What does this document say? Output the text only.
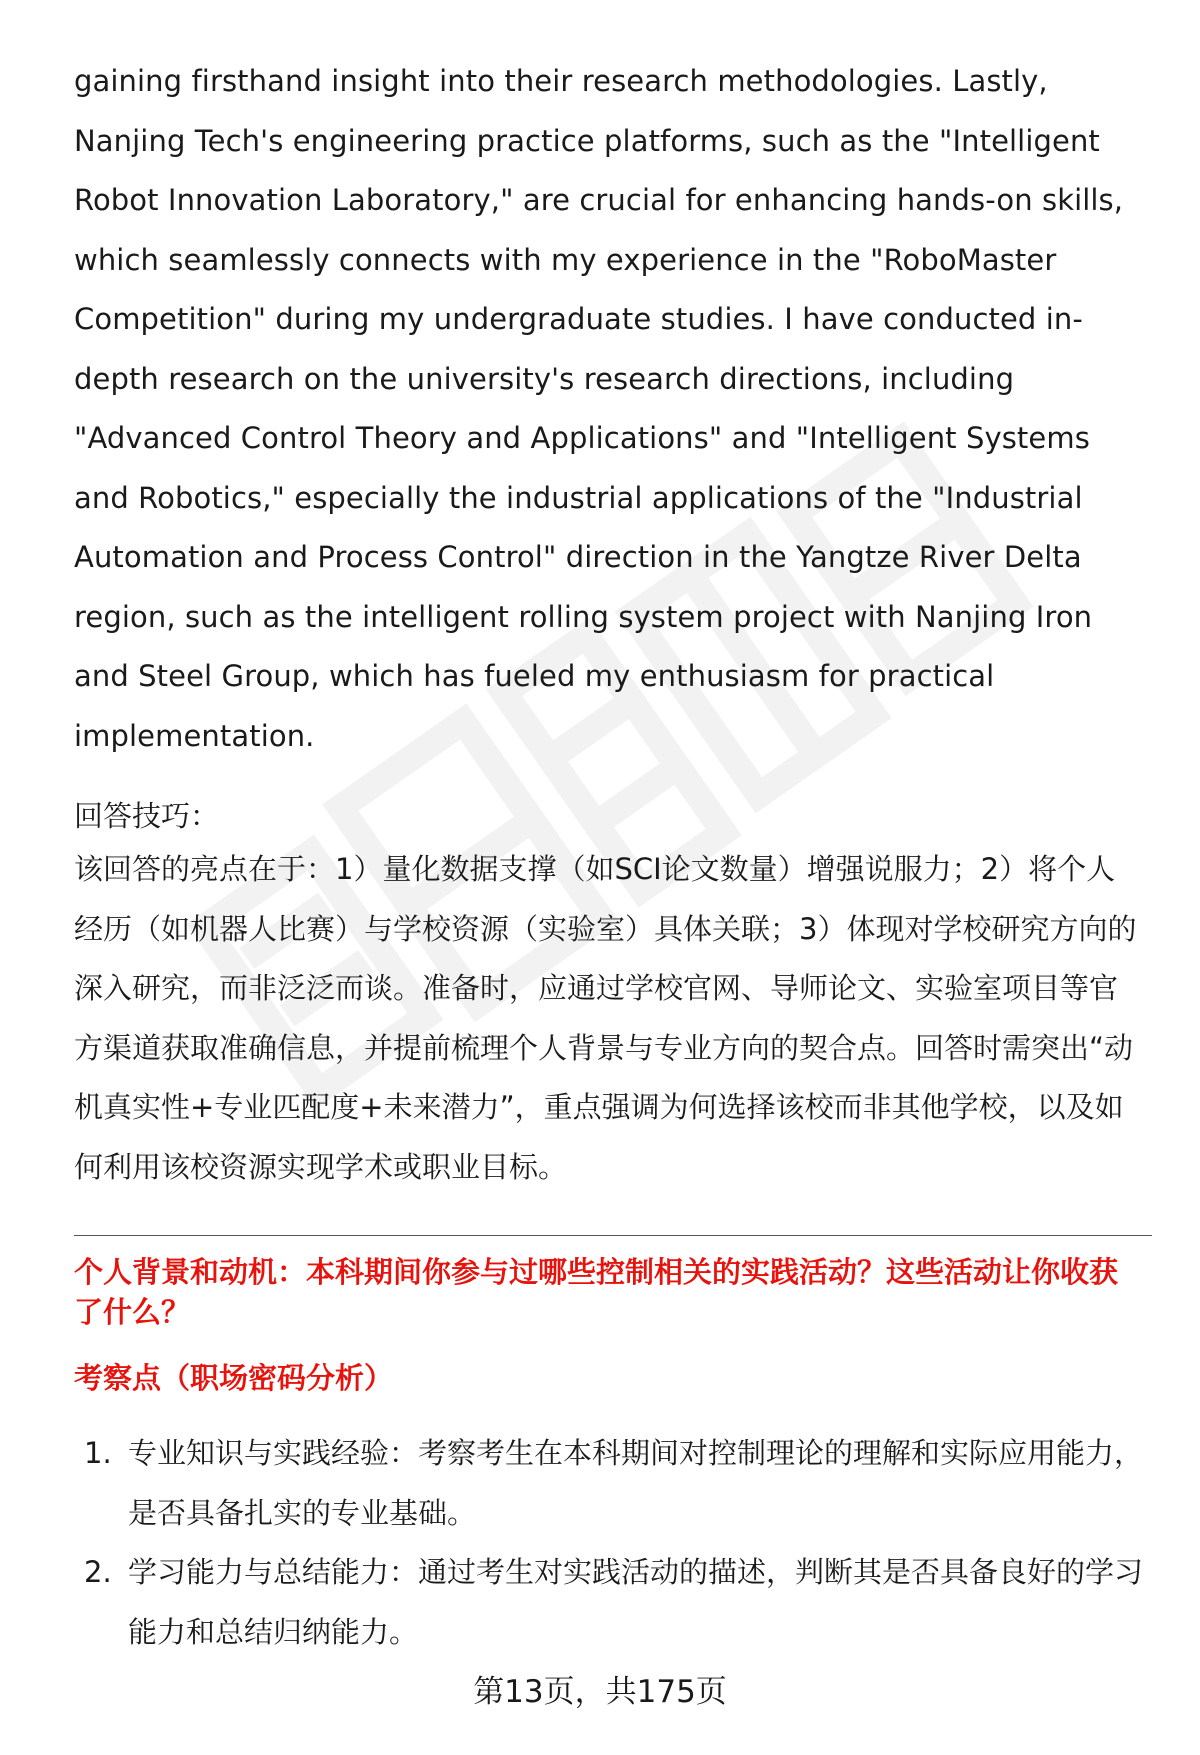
gaining firsthand insight into their research methodologies. Lastly, Nanjing Tech's engineering practice platforms, such as the "Intelligent Robot Innovation Laboratory," are crucial for enhancing hands-on skills, which seamlessly connects with my experience in the "RoboMaster Competition" during my undergraduate studies. I have conducted in-depth research on the university's research directions, including "Advanced Control Theory and Applications" and "Intelligent Systems and Robotics," especially the industrial applications of the "Industrial Automation and Process Control" direction in the Yangtze River Delta region, such as the intelligent rolling system project with Nanjing Iron and Steel Group, which has fueled my enthusiasm for practical implementation.

回答技巧：

该回答的亮点在于：1）量化数据支撑（如SCI论文数量）增强说服力；2）将个人经历（如机器人比赛）与学校资源（实验室）具体关联；3）体现对学校研究方向的深入研究，而非泛泛而谈。准备时，应通过学校官网、导师论文、实验室项目等官方渠道获取准确信息，并提前梳理个人背景与专业方向的契合点。回答时需突出“动机真实性+专业匹配度+未来潜力”，重点强调为何选择该校而非其他学校，以及如何利用该校资源实现学术或职业目标。

个人背景和动机：本科期间你参与过哪些控制相关的实践活动？这些活动让你收获了什么？
考察点（职场密码分析）
1. 专业知识与实践经验：考察考生在本科期间对控制理论的理解和实际应用能力，是否具备扎实的专业基础。
2. 学习能力与总结能力：通过考生对实践活动的描述，判断其是否具备良好的学习能力和总结归纳能力。
第13页，共175页
